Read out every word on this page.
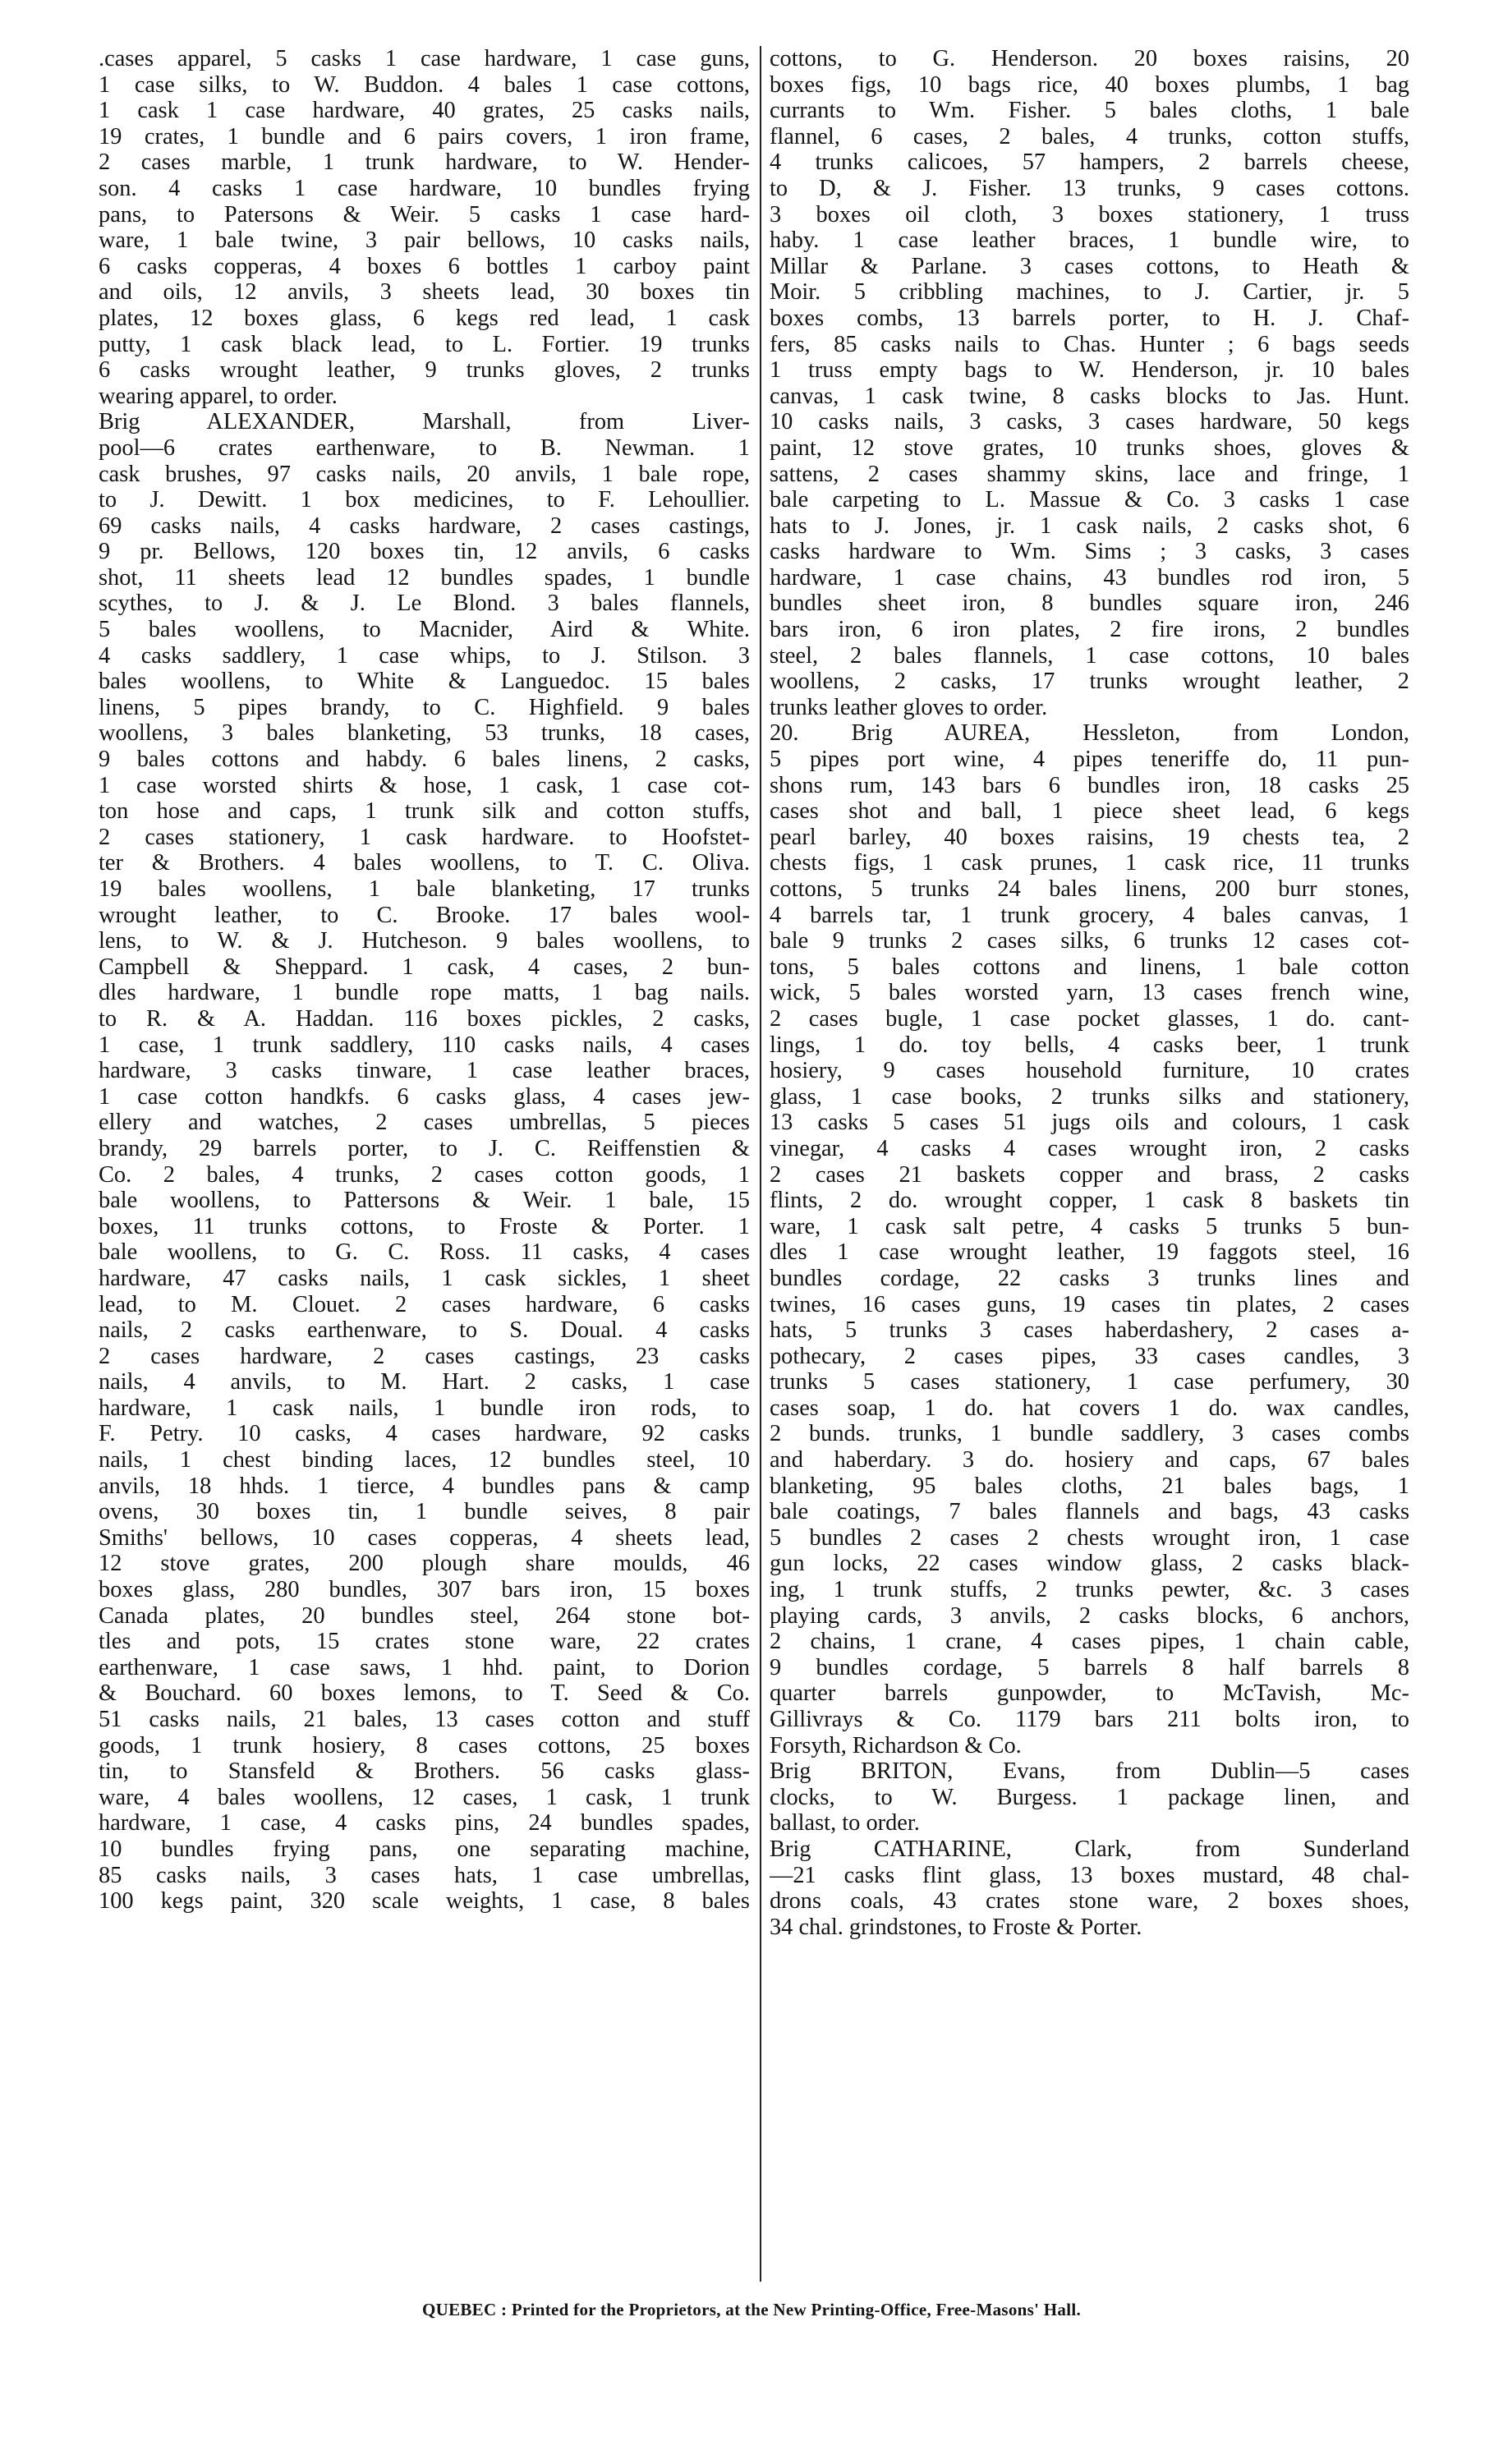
.cases apparel, 5 casks 1 case hardware, 1 case guns,
1 case silks, to W. Buddon. 4 bales 1 case cottons,
1 cask 1 case hardware, 40 grates, 25 casks nails,
19 crates, 1 bundle and 6 pairs covers, 1 iron frame,
2 cases marble, 1 trunk hardware, to W. Hender-
son. 4 casks 1 case hardware, 10 bundles frying
pans, to Patersons & Weir. 5 casks 1 case hard-
ware, 1 bale twine, 3 pair bellows, 10 casks nails,
6 casks copperas, 4 boxes 6 bottles 1 carboy paint
and oils, 12 anvils, 3 sheets lead, 30 boxes tin
plates, 12 boxes glass, 6 kegs red lead, 1 cask
putty, 1 cask black lead, to L. Fortier. 19 trunks
6 casks wrought leather, 9 trunks gloves, 2 trunks
wearing apparel, to order.
Brig ALEXANDER, Marshall, from Liver-
pool—6 crates earthenware, to B. Newman. 1
cask brushes, 97 casks nails, 20 anvils, 1 bale rope,
to J. Dewitt. 1 box medicines, to F. Lehoullier.
69 casks nails, 4 casks hardware, 2 cases castings,
9 pr. Bellows, 120 boxes tin, 12 anvils, 6 casks
shot, 11 sheets lead 12 bundles spades, 1 bundle
scythes, to J. & J. Le Blond. 3 bales flannels,
5 bales woollens, to Macnider, Aird & White.
4 casks saddlery, 1 case whips, to J. Stilson. 3
bales woollens, to White & Languedoc. 15 bales
linens, 5 pipes brandy, to C. Highfield. 9 bales
woollens, 3 bales blanketing, 53 trunks, 18 cases,
9 bales cottons and habdy. 6 bales linens, 2 casks,
1 case worsted shirts & hose, 1 cask, 1 case cot-
ton hose and caps, 1 trunk silk and cotton stuffs,
2 cases stationery, 1 cask hardware. to Hoofstet-
ter & Brothers. 4 bales woollens, to T. C. Oliva.
19 bales woollens, 1 bale blanketing, 17 trunks
wrought leather, to C. Brooke. 17 bales wool-
lens, to W. & J. Hutcheson. 9 bales woollens, to
Campbell & Sheppard. 1 cask, 4 cases, 2 bun-
dles hardware, 1 bundle rope matts, 1 bag nails.
to R. & A. Haddan. 116 boxes pickles, 2 casks,
1 case, 1 trunk saddlery, 110 casks nails, 4 cases
hardware, 3 casks tinware, 1 case leather braces,
1 case cotton handkfs. 6 casks glass, 4 cases jew-
ellery and watches, 2 cases umbrellas, 5 pieces
brandy, 29 barrels porter, to J. C. Reiffenstien &
Co. 2 bales, 4 trunks, 2 cases cotton goods, 1
bale woollens, to Pattersons & Weir. 1 bale, 15
boxes, 11 trunks cottons, to Froste & Porter. 1
bale woollens, to G. C. Ross. 11 casks, 4 cases
hardware, 47 casks nails, 1 cask sickles, 1 sheet
lead, to M. Clouet. 2 cases hardware, 6 casks
nails, 2 casks earthenware, to S. Doual. 4 casks
2 cases hardware, 2 cases castings, 23 casks
nails, 4 anvils, to M. Hart. 2 casks, 1 case
hardware, 1 cask nails, 1 bundle iron rods, to
F. Petry. 10 casks, 4 cases hardware, 92 casks
nails, 1 chest binding laces, 12 bundles steel, 10
anvils, 18 hhds. 1 tierce, 4 bundles pans & camp
ovens, 30 boxes tin, 1 bundle seives, 8 pair
Smiths' bellows, 10 cases copperas, 4 sheets lead,
12 stove grates, 200 plough share moulds, 46
boxes glass, 280 bundles, 307 bars iron, 15 boxes
Canada plates, 20 bundles steel, 264 stone bot-
tles and pots, 15 crates stone ware, 22 crates
earthenware, 1 case saws, 1 hhd. paint, to Dorion
& Bouchard. 60 boxes lemons, to T. Seed & Co.
51 casks nails, 21 bales, 13 cases cotton and stuff
goods, 1 trunk hosiery, 8 cases cottons, 25 boxes
tin, to Stansfeld & Brothers. 56 casks glass-
ware, 4 bales woollens, 12 cases, 1 cask, 1 trunk
hardware, 1 case, 4 casks pins, 24 bundles spades,
10 bundles frying pans, one separating machine,
85 casks nails, 3 cases hats, 1 case umbrellas,
100 kegs paint, 320 scale weights, 1 case, 8 bales
cottons, to G. Henderson. 20 boxes raisins, 20
boxes figs, 10 bags rice, 40 boxes plumbs, 1 bag
currants to Wm. Fisher. 5 bales cloths, 1 bale
flannel, 6 cases, 2 bales, 4 trunks, cotton stuffs,
4 trunks calicoes, 57 hampers, 2 barrels cheese,
to D, & J. Fisher. 13 trunks, 9 cases cottons.
3 boxes oil cloth, 3 boxes stationery, 1 truss
haby. 1 case leather braces, 1 bundle wire, to
Millar & Parlane. 3 cases cottons, to Heath &
Moir. 5 cribbling machines, to J. Cartier, jr. 5
boxes combs, 13 barrels porter, to H. J. Chaf-
fers, 85 casks nails to Chas. Hunter ; 6 bags seeds
1 truss empty bags to W. Henderson, jr. 10 bales
canvas, 1 cask twine, 8 casks blocks to Jas. Hunt.
10 casks nails, 3 casks, 3 cases hardware, 50 kegs
paint, 12 stove grates, 10 trunks shoes, gloves &
sattens, 2 cases shammy skins, lace and fringe, 1
bale carpeting to L. Massue & Co. 3 casks 1 case
hats to J. Jones, jr. 1 cask nails, 2 casks shot, 6
casks hardware to Wm. Sims ; 3 casks, 3 cases
hardware, 1 case chains, 43 bundles rod iron, 5
bundles sheet iron, 8 bundles square iron, 246
bars iron, 6 iron plates, 2 fire irons, 2 bundles
steel, 2 bales flannels, 1 case cottons, 10 bales
woollens, 2 casks, 17 trunks wrought leather, 2
trunks leather gloves to order.
20. Brig AUREA, Hessleton, from London,
5 pipes port wine, 4 pipes teneriffe do, 11 pun-
shons rum, 143 bars 6 bundles iron, 18 casks 25
cases shot and ball, 1 piece sheet lead, 6 kegs
pearl barley, 40 boxes raisins, 19 chests tea, 2
chests figs, 1 cask prunes, 1 cask rice, 11 trunks
cottons, 5 trunks 24 bales linens, 200 burr stones,
4 barrels tar, 1 trunk grocery, 4 bales canvas, 1
bale 9 trunks 2 cases silks, 6 trunks 12 cases cot-
tons, 5 bales cottons and linens, 1 bale cotton
wick, 5 bales worsted yarn, 13 cases french wine,
2 cases bugle, 1 case pocket glasses, 1 do. cant-
lings, 1 do. toy bells, 4 casks beer, 1 trunk
hosiery, 9 cases household furniture, 10 crates
glass, 1 case books, 2 trunks silks and stationery,
13 casks 5 cases 51 jugs oils and colours, 1 cask
vinegar, 4 casks 4 cases wrought iron, 2 casks
2 cases 21 baskets copper and brass, 2 casks
flints, 2 do. wrought copper, 1 cask 8 baskets tin
ware, 1 cask salt petre, 4 casks 5 trunks 5 bun-
dles 1 case wrought leather, 19 faggots steel, 16
bundles cordage, 22 casks 3 trunks lines and
twines, 16 cases guns, 19 cases tin plates, 2 cases
hats, 5 trunks 3 cases haberdashery, 2 cases a-
pothecary, 2 cases pipes, 33 cases candles, 3
trunks 5 cases stationery, 1 case perfumery, 30
cases soap, 1 do. hat covers 1 do. wax candles,
2 bunds. trunks, 1 bundle saddlery, 3 cases combs
and haberdary. 3 do. hosiery and caps, 67 bales
blanketing, 95 bales cloths, 21 bales bags, 1
bale coatings, 7 bales flannels and bags, 43 casks
5 bundles 2 cases 2 chests wrought iron, 1 case
gun locks, 22 cases window glass, 2 casks black-
ing, 1 trunk stuffs, 2 trunks pewter, &c. 3 cases
playing cards, 3 anvils, 2 casks blocks, 6 anchors,
2 chains, 1 crane, 4 cases pipes, 1 chain cable,
9 bundles cordage, 5 barrels 8 half barrels 8
quarter barrels gunpowder, to McTavish, Mc-
Gillivrays & Co. 1179 bars 211 bolts iron, to
Forsyth, Richardson & Co.
Brig BRITON, Evans, from Dublin—5 cases
clocks, to W. Burgess. 1 package linen, and
ballast, to order.
Brig CATHARINE, Clark, from Sunderland
—21 casks flint glass, 13 boxes mustard, 48 chal-
drons coals, 43 crates stone ware, 2 boxes shoes,
34 chal. grindstones, to Froste & Porter.
QUEBEC : Printed for the Proprietors, at the New Printing-Office, Free-Masons' Hall.
